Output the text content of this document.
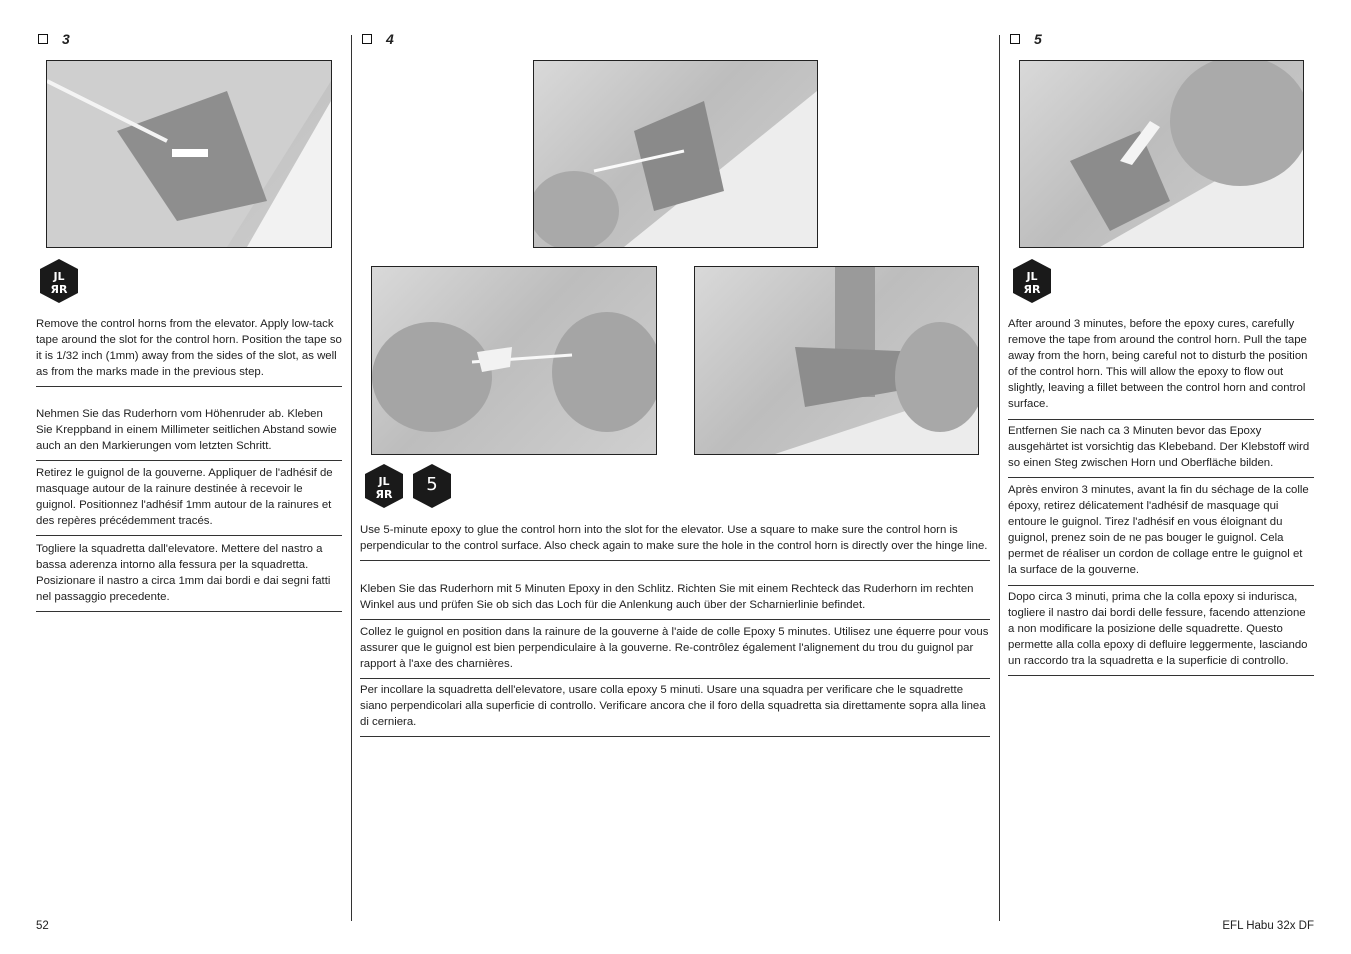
3
JL
ЯR
Remove the control horns from the elevator. Apply low-tack tape around the slot for the control horn. Position the tape so it is 1/32 inch (1mm) away from the sides of the slot, as well as from the marks made in the previous step.
Nehmen Sie das Ruderhorn vom Höhenruder ab. Kleben Sie Kreppband in einem Millimeter seitlichen Abstand sowie auch an den Markierungen vom letzten Schritt.
Retirez le guignol de la gouverne. Appliquer de l'adhésif de masquage autour de la rainure destinée à recevoir le guignol. Positionnez l'adhésif 1mm autour de la rainures et des repères précédemment tracés.
Togliere la squadretta dall'elevatore. Mettere del nastro a bassa aderenza intorno alla fessura per la squadretta. Posizionare il nastro a circa 1mm dai bordi e dai segni fatti nel passaggio precedente.
4
JL
ЯR	5
Use 5-minute epoxy to glue the control horn into the slot for the elevator. Use a square to make sure the control horn is perpendicular to the control surface. Also check again to make sure the hole in the control horn is directly over the hinge line.
Kleben Sie das Ruderhorn mit 5 Minuten Epoxy in den Schlitz. Richten Sie mit einem Rechteck das Ruderhorn im rechten Winkel aus und prüfen Sie ob sich das Loch für die Anlenkung auch über der Scharnierlinie befindet.
Collez le guignol en position dans la rainure de la gouverne à l'aide de colle Epoxy 5 minutes. Utilisez une équerre pour vous assurer que le guignol est bien perpendiculaire à la gouverne. Re-contrôlez également l'alignement du trou du guignol par rapport à l'axe des charnières.
Per incollare la squadretta dell'elevatore, usare colla epoxy 5 minuti. Usare una squadra per verificare che le squadrette siano perpendicolari alla superficie di controllo. Verificare ancora che il foro della squadretta sia direttamente sopra alla linea di cerniera.
5
JL
ЯR
After around 3 minutes, before the epoxy cures, carefully remove the tape from around the control horn. Pull the tape away from the horn, being careful not to disturb the position of the control horn. This will allow the epoxy to flow out slightly, leaving a fillet between the control horn and control surface.
Entfernen Sie nach ca 3 Minuten bevor das Epoxy ausgehärtet ist vorsichtig das Klebeband. Der Klebstoff wird so einen Steg zwischen Horn und Oberfläche bilden.
Après environ 3 minutes, avant la fin du séchage de la colle époxy, retirez délicatement l'adhésif de masquage qui entoure le guignol. Tirez l'adhésif en vous éloignant du guignol, prenez soin de ne pas bouger le guignol. Cela permet de réaliser un cordon de collage entre le guignol et la surface de la gouverne.
Dopo circa 3 minuti, prima che la colla epoxy si indurisca, togliere il nastro dai bordi delle fessure, facendo attenzione a non modificare la posizione delle squadrette. Questo permette alla colla epoxy di defluire leggermente, lasciando un raccordo tra la squadretta e la superficie di controllo.
52	EFL Habu 32x DF
